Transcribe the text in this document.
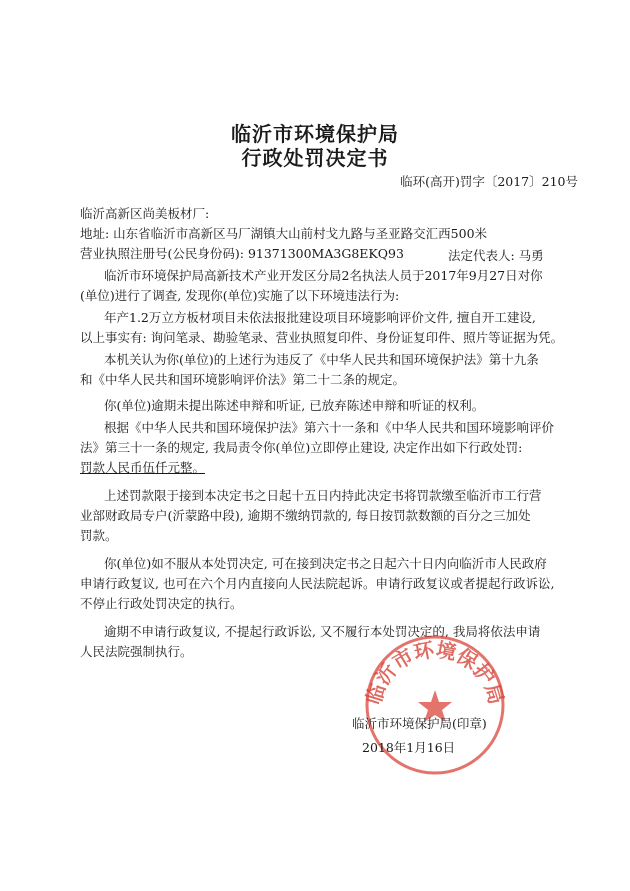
临沂市环境保护局
行政处罚决定书
临环(高开)罚字〔2017〕210号
临沂高新区尚美板材厂:
地址: 山东省临沂市高新区马厂湖镇大山前村戈九路与圣亚路交汇西500米
营业执照注册号(公民身份码): 91371300MA3G8EKQ93	法定代表人: 马勇
临沂市环境保护局高新技术产业开发区分局2名执法人员于2017年9月27日对你
(单位)进行了调查, 发现你(单位)实施了以下环境违法行为:
年产1.2万立方板材项目未依法报批建设项目环境影响评价文件, 擅自开工建设,
以上事实有: 询问笔录、勘验笔录、营业执照复印件、身份证复印件、照片等证据为凭。
本机关认为你(单位)的上述行为违反了《中华人民共和国环境保护法》第十九条
和《中华人民共和国环境影响评价法》第二十二条的规定。
你(单位)逾期未提出陈述申辩和听证, 已放弃陈述申辩和听证的权利。
根据《中华人民共和国环境保护法》第六十一条和《中华人民共和国环境影响评价
法》第三十一条的规定, 我局责令你(单位)立即停止建设, 决定作出如下行政处罚:
罚款人民币伍仟元整。
上述罚款限于接到本决定书之日起十五日内持此决定书将罚款缴至临沂市工行营
业部财政局专户(沂蒙路中段), 逾期不缴纳罚款的, 每日按罚款数额的百分之三加处
罚款。
你(单位)如不服从本处罚决定, 可在接到决定书之日起六十日内向临沂市人民政府
申请行政复议, 也可在六个月内直接向人民法院起诉。申请行政复议或者提起行政诉讼,
不停止行政处罚决定的执行。
逾期不申请行政复议, 不提起行政诉讼, 又不履行本处罚决定的, 我局将依法申请
人民法院强制执行。
临沂市环境保护局
临沂市环境保护局(印章)
2018年1月16日
